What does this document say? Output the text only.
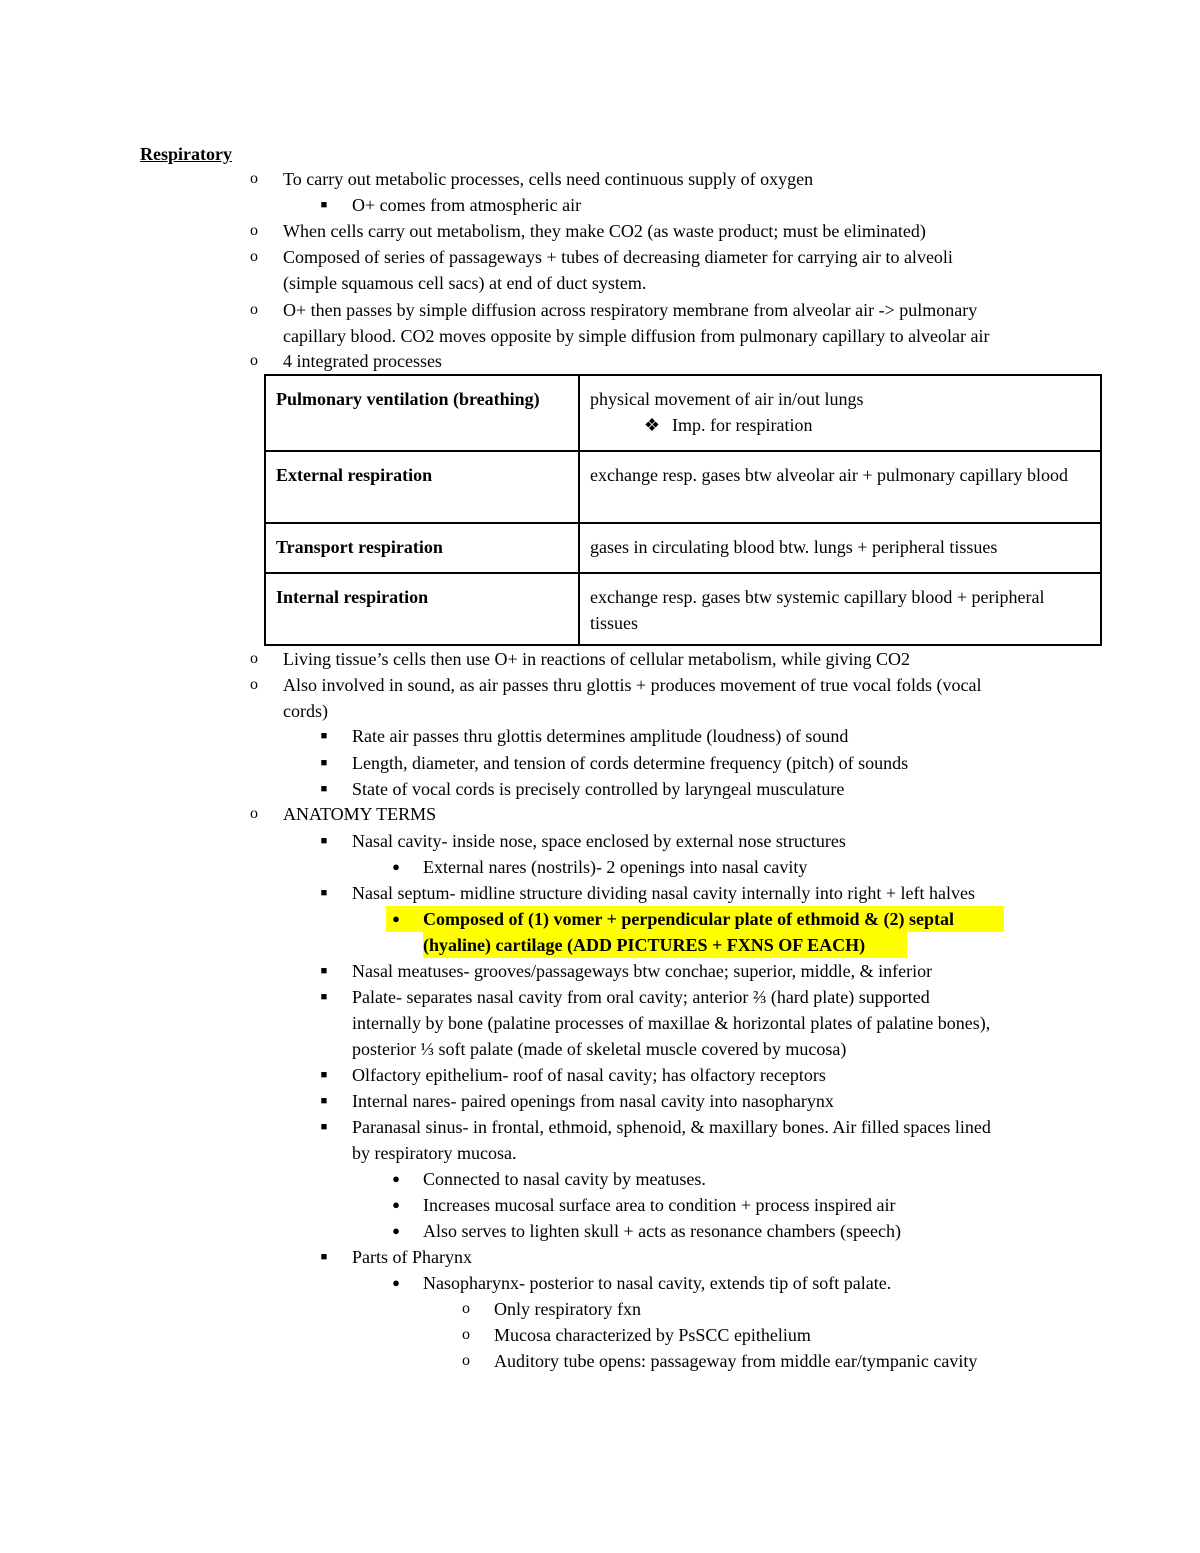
Respiratory
o	To carry out metabolic processes, cells need continuous supply of oxygen
■	O+ comes from atmospheric air
o	When cells carry out metabolism, they make CO2 (as waste product; must be eliminated)
o	Composed of series of passageways + tubes of decreasing diameter for carrying air to alveoli
(simple squamous cell sacs) at end of duct system.
o	O+ then passes by simple diffusion across respiratory membrane from alveolar air -> pulmonary
capillary blood. CO2 moves opposite by simple diffusion from pulmonary capillary to alveolar air
o	4 integrated processes
Pulmonary ventilation (breathing)	physical movement of air in/out lungs
❖ Imp. for respiration

External respiration	exchange resp. gases btw alveolar air + pulmonary capillary blood
Transport respiration	gases in circulating blood btw. lungs + peripheral tissues
Internal respiration	exchange resp. gases btw systemic capillary blood + peripheral tissues
o	Living tissue’s cells then use O+ in reactions of cellular metabolism, while giving CO2
o	Also involved in sound, as air passes thru glottis + produces movement of true vocal folds (vocal
cords)
■	Rate air passes thru glottis determines amplitude (loudness) of sound
■	Length, diameter, and tension of cords determine frequency (pitch) of sounds
■	State of vocal cords is precisely controlled by laryngeal musculature
o	ANATOMY TERMS
■	Nasal cavity- inside nose, space enclosed by external nose structures
●	External nares (nostrils)- 2 openings into nasal cavity
■	Nasal septum- midline structure dividing nasal cavity internally into right + left halves
●	Composed of (1) vomer + perpendicular plate of ethmoid & (2) septal
(hyaline) cartilage (ADD PICTURES + FXNS OF EACH)
■	Nasal meatuses- grooves/passageways btw conchae; superior, middle, & inferior
■	Palate- separates nasal cavity from oral cavity; anterior ⅔ (hard plate) supported
internally by bone (palatine processes of maxillae & horizontal plates of palatine bones),
posterior ⅓ soft palate (made of skeletal muscle covered by mucosa)
■	Olfactory epithelium- roof of nasal cavity; has olfactory receptors
■	Internal nares- paired openings from nasal cavity into nasopharynx
■	Paranasal sinus- in frontal, ethmoid, sphenoid, & maxillary bones. Air filled spaces lined
by respiratory mucosa.
●	Connected to nasal cavity by meatuses.
●	Increases mucosal surface area to condition + process inspired air
●	Also serves to lighten skull + acts as resonance chambers (speech)
■	Parts of Pharynx
●	Nasopharynx- posterior to nasal cavity, extends tip of soft palate.
o	Only respiratory fxn
o	Mucosa characterized by PsSCC epithelium
o	Auditory tube opens: passageway from middle ear/tympanic cavity
